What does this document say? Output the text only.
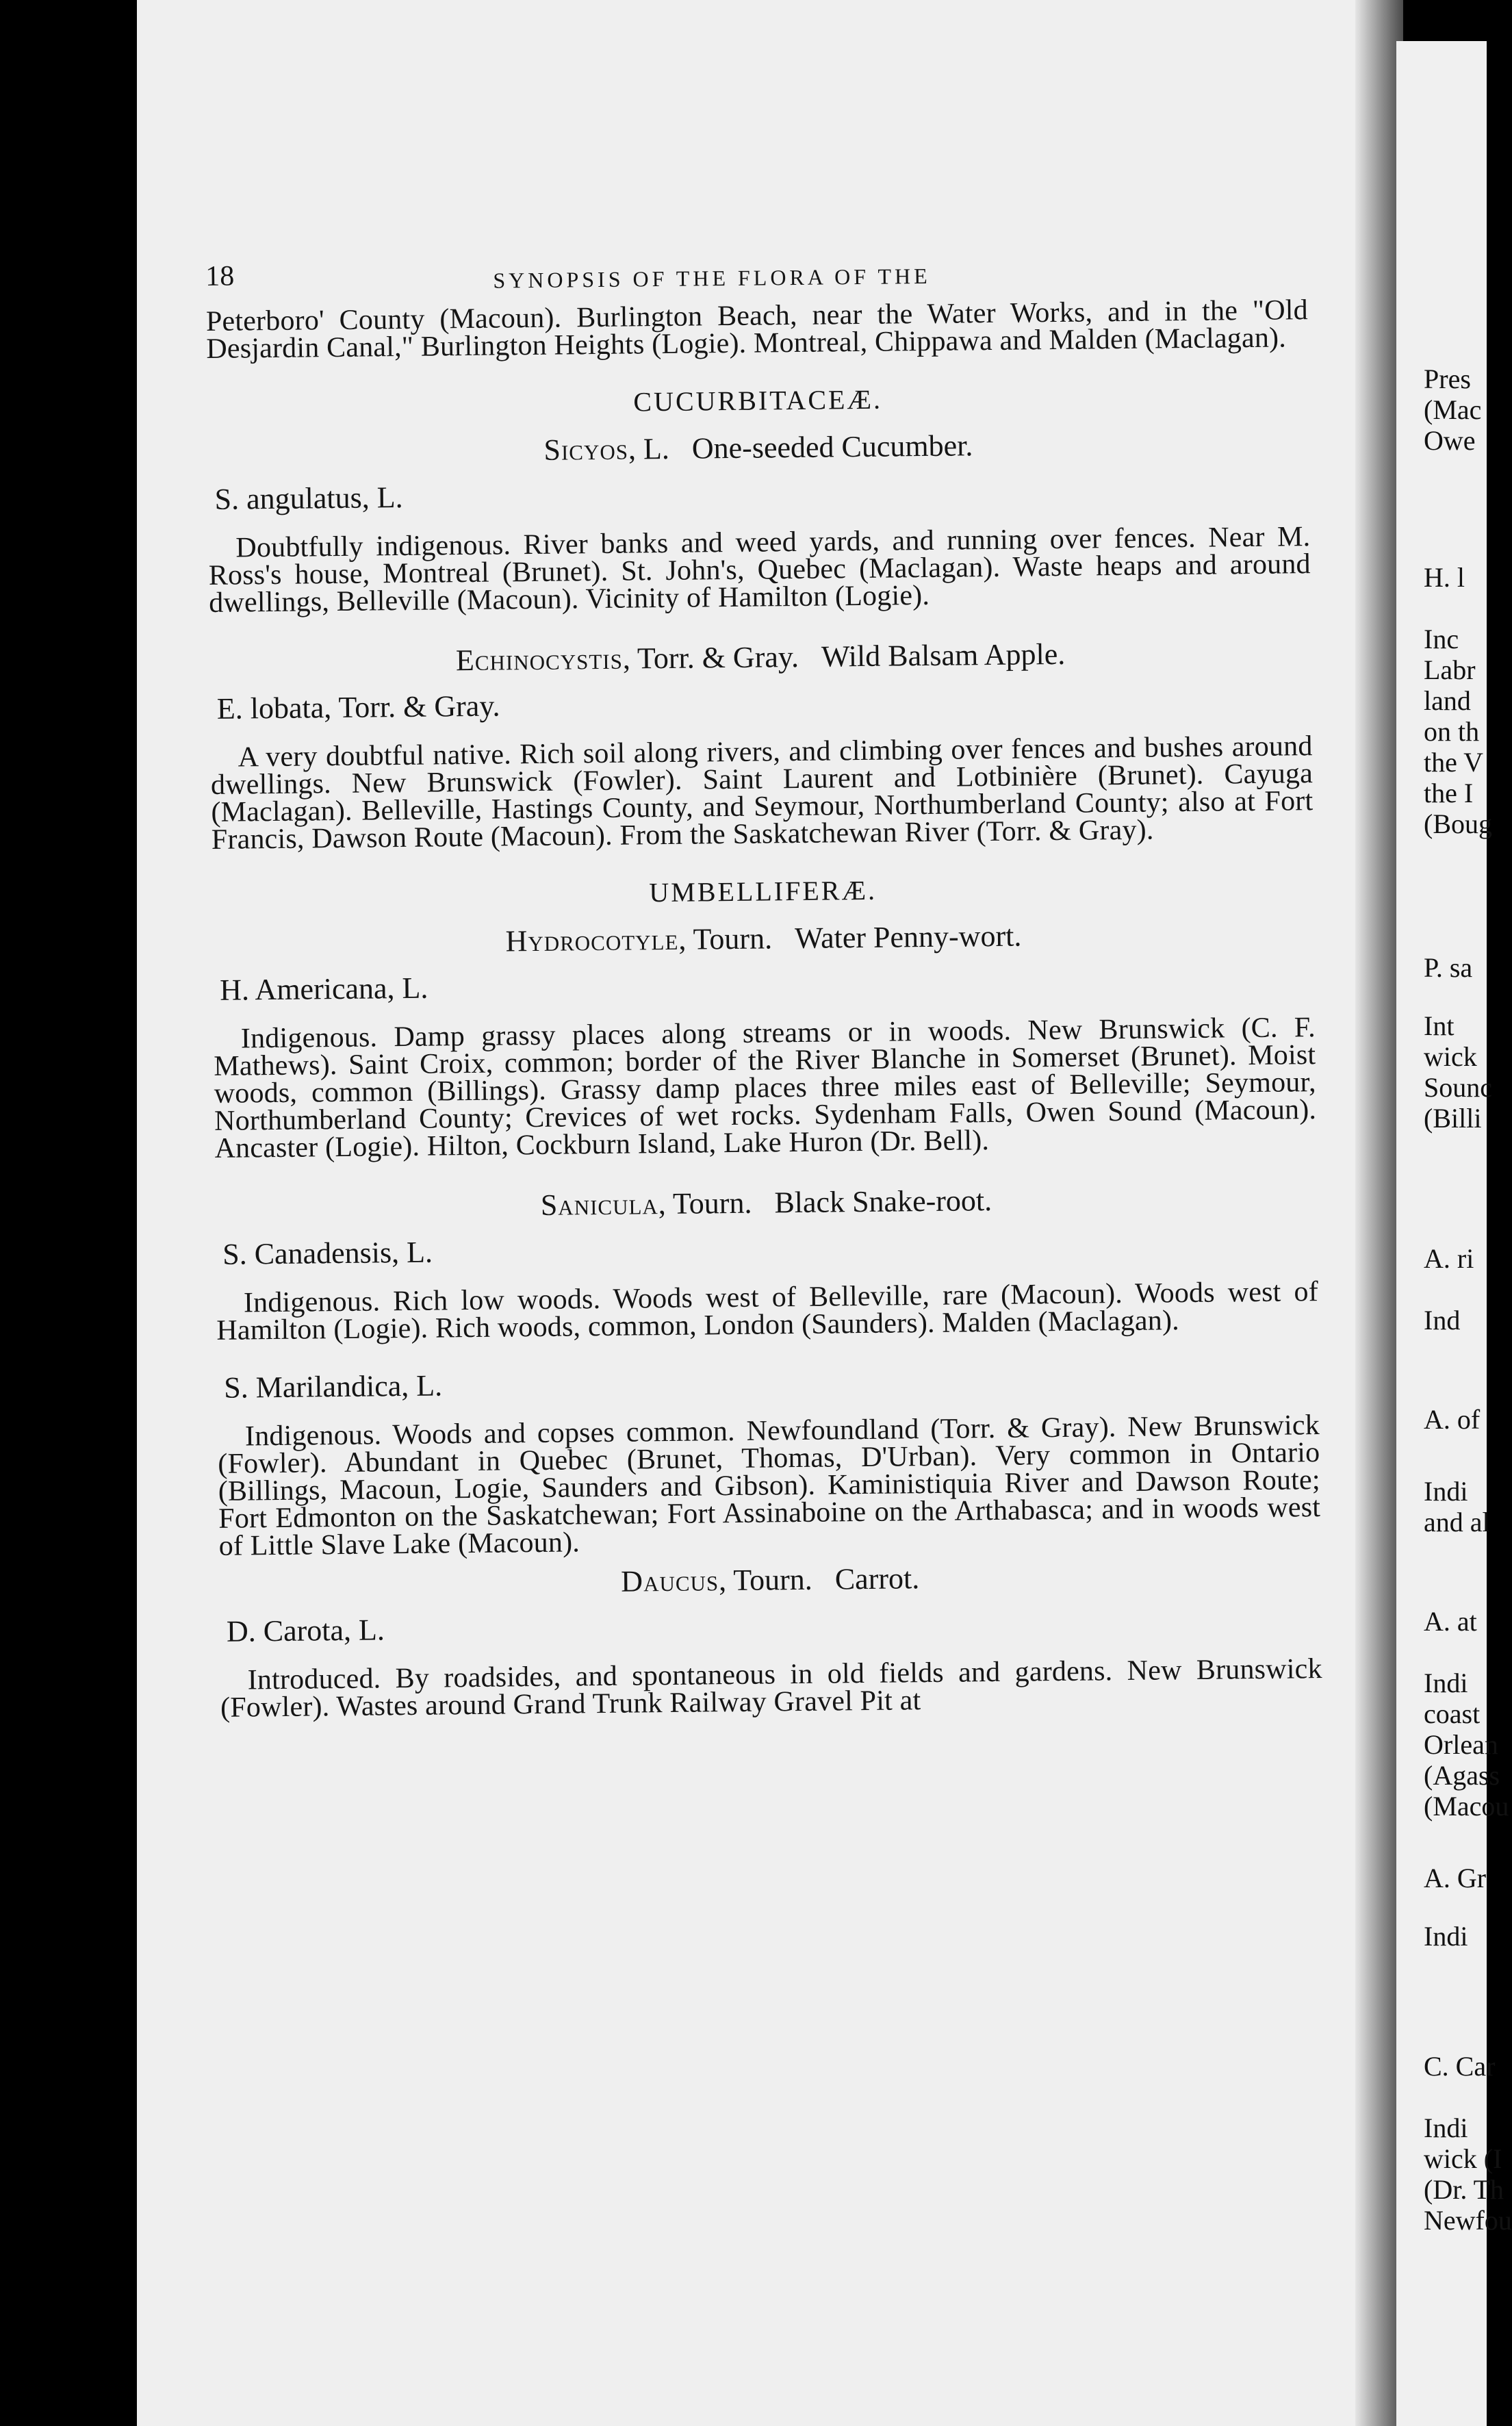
18	SYNOPSIS OF THE FLORA OF THE

Peterboro' County (Macoun). Burlington Beach, near the Water Works, and in the "Old Desjardin Canal," Burlington Heights (Logie). Montreal, Chippawa and Malden (Maclagan).

CUCURBITACEÆ.
Sicyos, L. One-seeded Cucumber.
S. angulatus, L.

Doubtfully indigenous. River banks and weed yards, and running over fences. Near M. Ross's house, Montreal (Brunet). St. John's, Quebec (Maclagan). Waste heaps and around dwellings, Belleville (Macoun). Vicinity of Hamilton (Logie).

Echinocystis, Torr. & Gray. Wild Balsam Apple.
E. lobata, Torr. & Gray.

A very doubtful native. Rich soil along rivers, and climbing over fences and bushes around dwellings. New Brunswick (Fowler). Saint Laurent and Lotbinière (Brunet). Cayuga (Maclagan). Belleville, Hastings County, and Seymour, Northumberland County; also at Fort Francis, Dawson Route (Macoun). From the Saskatchewan River (Torr. & Gray).

UMBELLIFERÆ.
Hydrocotyle, Tourn. Water Penny-wort.
H. Americana, L.

Indigenous. Damp grassy places along streams or in woods. New Brunswick (C. F. Mathews). Saint Croix, common; border of the River Blanche in Somerset (Brunet). Moist woods, common (Billings). Grassy damp places three miles east of Belleville; Seymour, Northumberland County; Crevices of wet rocks. Sydenham Falls, Owen Sound (Macoun). Ancaster (Logie). Hilton, Cockburn Island, Lake Huron (Dr. Bell).

Sanicula, Tourn. Black Snake-root.
S. Canadensis, L.

Indigenous. Rich low woods. Woods west of Belleville, rare (Macoun). Woods west of Hamilton (Logie). Rich woods, common, London (Saunders). Malden (Maclagan).

S. Marilandica, L.

Indigenous. Woods and copses common. Newfoundland (Torr. & Gray). New Brunswick (Fowler). Abundant in Quebec (Brunet, Thomas, D'Urban). Very common in Ontario (Billings, Macoun, Logie, Saunders and Gibson). Kaministiquia River and Dawson Route; Fort Edmonton on the Saskatchewan; Fort Assinaboine on the Arthabasca; and in woods west of Little Slave Lake (Macoun).

Daucus, Tourn. Carrot.
D. Carota, L.

Introduced. By roadsides, and spontaneous in old fields and gardens. New Brunswick (Fowler). Wastes around Grand Trunk Railway Gravel Pit at

Pres
(Mac
Owe
H. l
Inc
Labr
land
on th
the V
the I
(Boug
P. sa
Int
wick
Sounc
(Billi
A. ri
Ind
A. of
Indi
and al
A. at
Indi
coast
Orlean
(Agass
(Macou
A. Gr
Indi
C. Car
Indi
wick (I
(Dr. Th
Newfou
